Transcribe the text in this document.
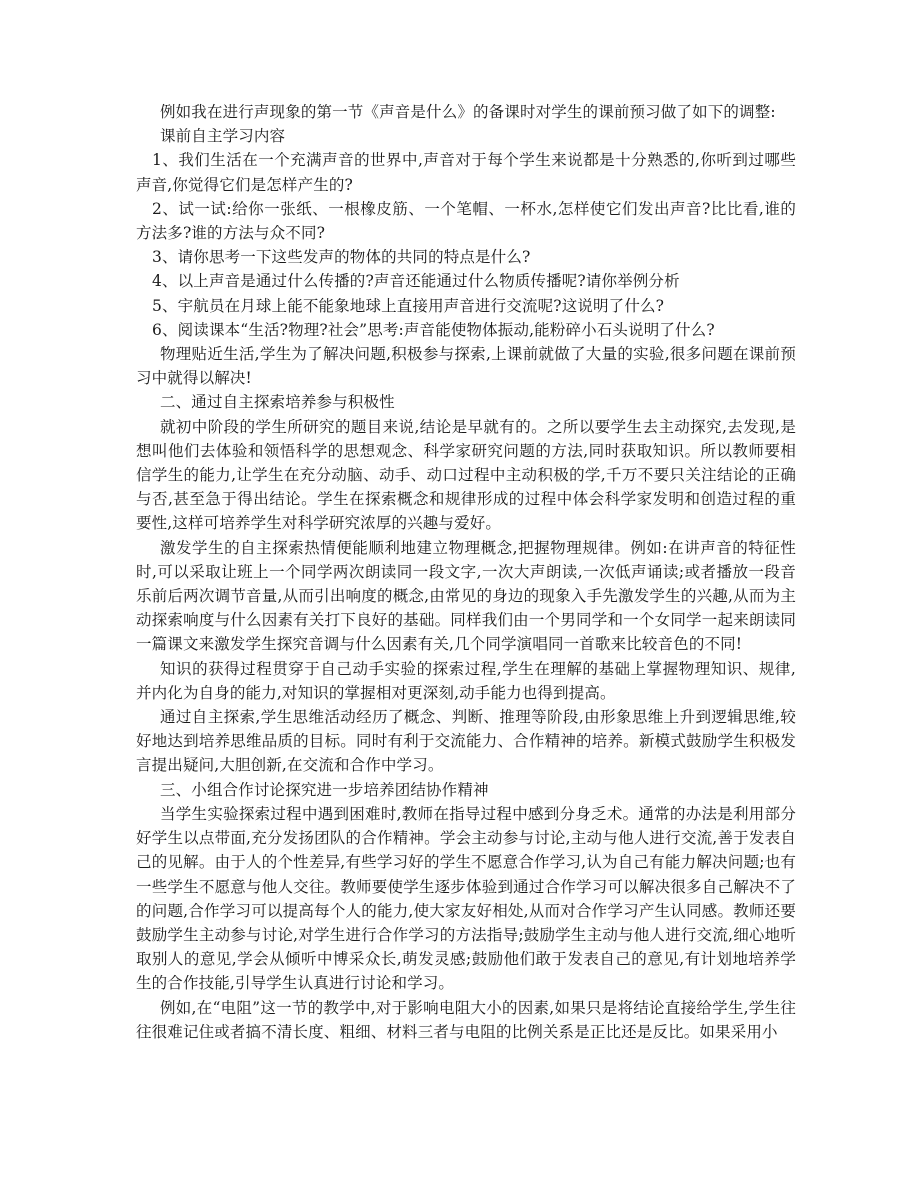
例如我在进行声现象的第一节《声音是什么》的备课时对学生的课前预习做了如下的调整:

课前自主学习内容

1、我们生活在一个充满声音的世界中,声音对于每个学生来说都是十分熟悉的,你听到过哪些声音,你觉得它们是怎样产生的?

2、试一试:给你一张纸、一根橡皮筋、一个笔帽、一杯水,怎样使它们发出声音?比比看,谁的方法多?谁的方法与众不同?

3、请你思考一下这些发声的物体的共同的特点是什么?

4、以上声音是通过什么传播的?声音还能通过什么物质传播呢?请你举例分析

5、宇航员在月球上能不能象地球上直接用声音进行交流呢?这说明了什么?

6、阅读课本“生活?物理?社会”思考:声音能使物体振动,能粉碎小石头说明了什么?

物理贴近生活,学生为了解决问题,积极参与探索,上课前就做了大量的实验,很多问题在课前预习中就得以解决!

二、通过自主探索培养参与积极性

就初中阶段的学生所研究的题目来说,结论是早就有的。之所以要学生去主动探究,去发现,是想叫他们去体验和领悟科学的思想观念、科学家研究问题的方法,同时获取知识。所以教师要相信学生的能力,让学生在充分动脑、动手、动口过程中主动积极的学,千万不要只关注结论的正确与否,甚至急于得出结论。学生在探索概念和规律形成的过程中体会科学家发明和创造过程的重要性,这样可培养学生对科学研究浓厚的兴趣与爱好。

激发学生的自主探索热情便能顺利地建立物理概念,把握物理规律。例如:在讲声音的特征性时,可以采取让班上一个同学两次朗读同一段文字,一次大声朗读,一次低声诵读;或者播放一段音乐前后两次调节音量,从而引出响度的概念,由常见的身边的现象入手先激发学生的兴趣,从而为主动探索响度与什么因素有关打下良好的基础。同样我们由一个男同学和一个女同学一起来朗读同一篇课文来激发学生探究音调与什么因素有关,几个同学演唱同一首歌来比较音色的不同!

知识的获得过程贯穿于自己动手实验的探索过程,学生在理解的基础上掌握物理知识、规律,并内化为自身的能力,对知识的掌握相对更深刻,动手能力也得到提高。

通过自主探索,学生思维活动经历了概念、判断、推理等阶段,由形象思维上升到逻辑思维,较好地达到培养思维品质的目标。同时有利于交流能力、合作精神的培养。新模式鼓励学生积极发言提出疑问,大胆创新,在交流和合作中学习。

三、小组合作讨论探究进一步培养团结协作精神

当学生实验探索过程中遇到困难时,教师在指导过程中感到分身乏术。通常的办法是利用部分好学生以点带面,充分发扬团队的合作精神。学会主动参与讨论,主动与他人进行交流,善于发表自己的见解。由于人的个性差异,有些学习好的学生不愿意合作学习,认为自己有能力解决问题;也有一些学生不愿意与他人交往。教师要使学生逐步体验到通过合作学习可以解决很多自己解决不了的问题,合作学习可以提高每个人的能力,使大家友好相处,从而对合作学习产生认同感。教师还要鼓励学生主动参与讨论,对学生进行合作学习的方法指导;鼓励学生主动与他人进行交流,细心地听取别人的意见,学会从倾听中博采众长,萌发灵感;鼓励他们敢于发表自己的意见,有计划地培养学生的合作技能,引导学生认真进行讨论和学习。

例如,在“电阻”这一节的教学中,对于影响电阻大小的因素,如果只是将结论直接给学生,学生往往很难记住或者搞不清长度、粗细、材料三者与电阻的比例关系是正比还是反比。如果采用小
